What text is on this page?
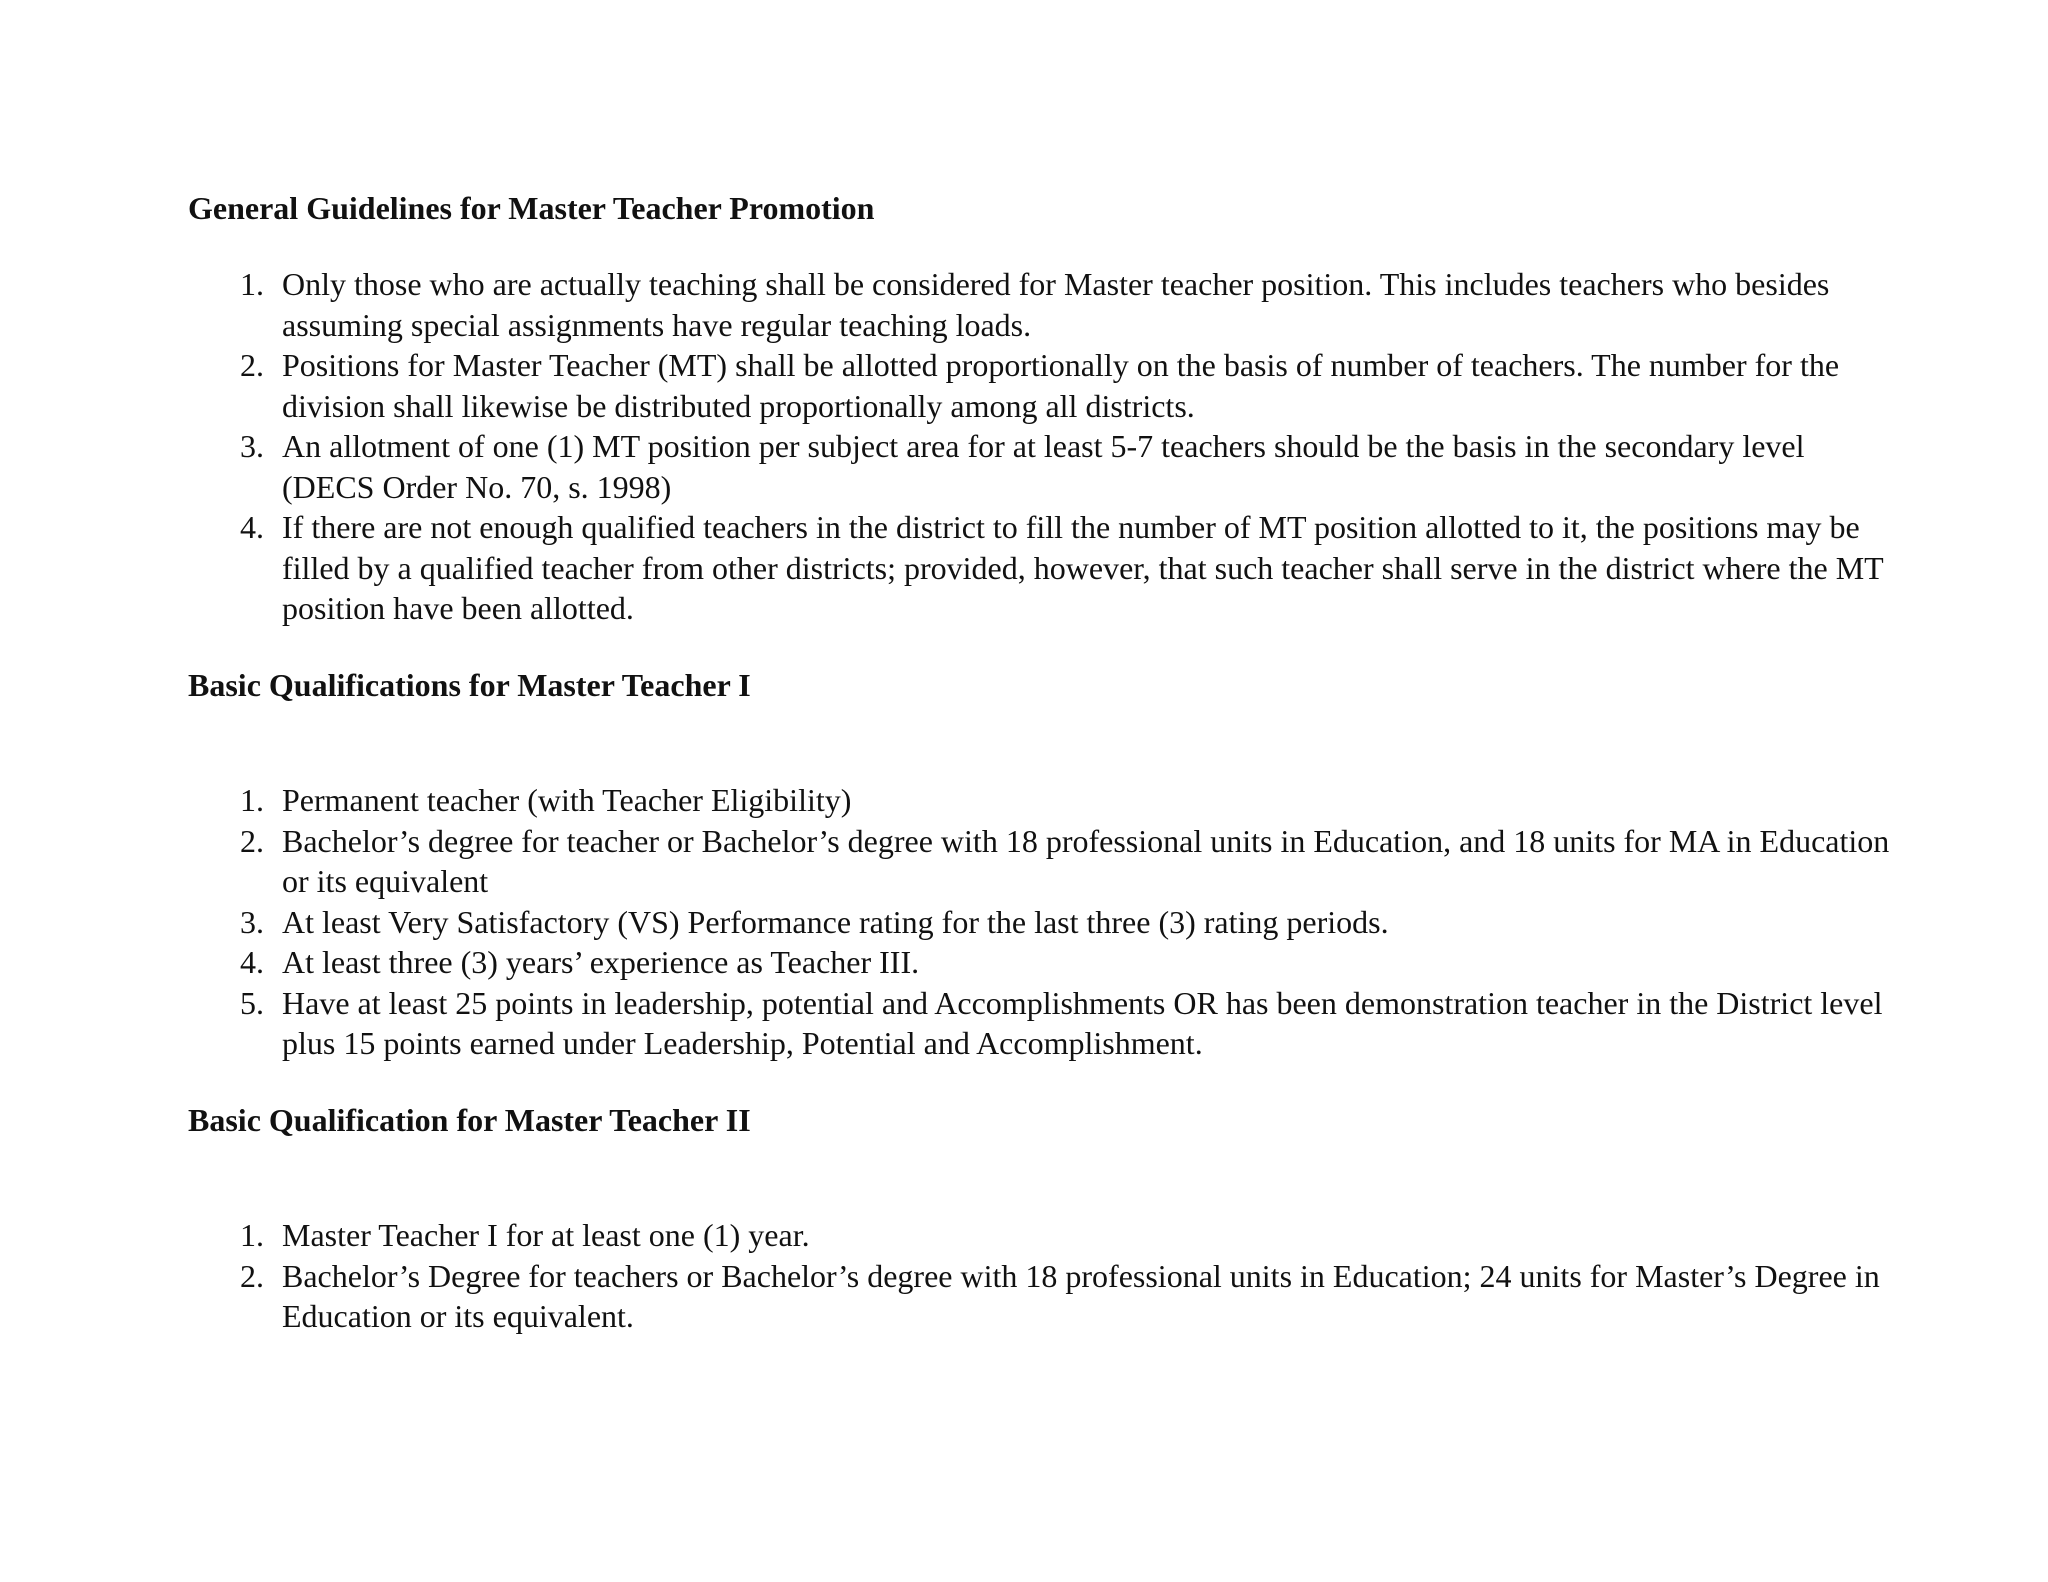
General Guidelines for Master Teacher Promotion
1. Only those who are actually teaching shall be considered for Master teacher position. This includes teachers who besides assuming special assignments have regular teaching loads.
2. Positions for Master Teacher (MT) shall be allotted proportionally on the basis of number of teachers. The number for the division shall likewise be distributed proportionally among all districts.
3. An allotment of one (1) MT position per subject area for at least 5-7 teachers should be the basis in the secondary level (DECS Order No. 70, s. 1998)
4. If there are not enough qualified teachers in the district to fill the number of MT position allotted to it, the positions may be filled by a qualified teacher from other districts; provided, however, that such teacher shall serve in the district where the MT position have been allotted.
Basic Qualifications for Master Teacher I
1. Permanent teacher (with Teacher Eligibility)
2. Bachelor’s degree for teacher or Bachelor’s degree with 18 professional units in Education, and 18 units for MA in Education or its equivalent
3. At least Very Satisfactory (VS) Performance rating for the last three (3) rating periods.
4. At least three (3) years’ experience as Teacher III.
5. Have at least 25 points in leadership, potential and Accomplishments OR has been demonstration teacher in the District level plus 15 points earned under Leadership, Potential and Accomplishment.
Basic Qualification for Master Teacher II
1. Master Teacher I for at least one (1) year.
2. Bachelor’s Degree for teachers or Bachelor’s degree with 18 professional units in Education; 24 units for Master’s Degree in Education or its equivalent.
